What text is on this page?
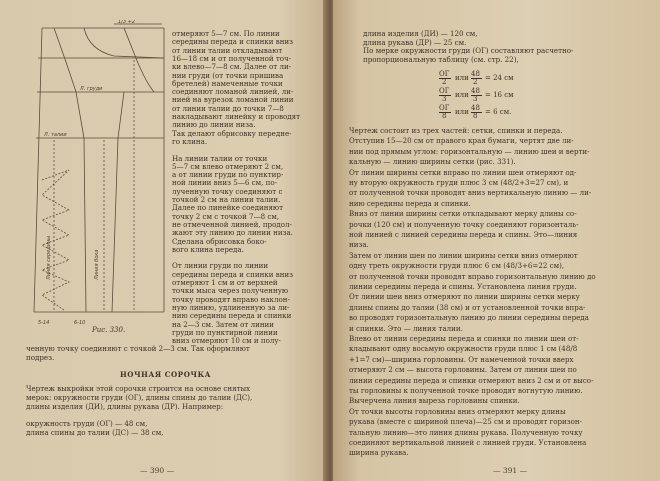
1/3 +2
Л. груди
Л. талии
5-14	6-10
Линия середины	Линия бока
Рис. 330.
отмеряют 5—7 см. По линии
середины переда и спинки вниз
от линии талии откладывают
16—18 см и от полученной точ-
ки влево—7—8 см. Далее от ли-
нии груди (от точки пришива
бретелей) намеченные точки
соединяют ломаной линией, ли-
нией на вурезок ломаной линии
от линии талии до точки 7—8
накладывают линейку и проводят
линию до линии низа.
Так делают обрисовку передне-
го клина.
На линии талии от точки
5—7 см влево отмеряют 2 см,
а от линии груди по пунктир-
ной линии вниз 5—6 см, по-
лученную точку соединяют с
точкой 2 см на линии талии.
Далее по линейке соединяют
точку 2 см с точкой 7—8 см,
не отмеченной линией, продол-
жают эту линию до линии низа.
Сделана обрисовка боко-
вого клина переда.
От линии груди по линии
середины переда и спинки вниз
отмеряют 1 см и от верхней
точки мыса через полученную
точку проводят вправо наклон-
ную линию, удлиненную за ли-
нию середины переда и спинки
на 2—3 см. Затем от линии
груди по пунктирной линии
вниз отмеряют 10 см и полу-
ченную точку соединяют с точкой 2—3 см. Так оформляют
подрез.
НОЧНАЯ СОРОЧКА
Чертеж выкройки этой сорочки строится на основе снятых
мерок: окружности груди (ОГ), длины спины до талии (ДС),
длины изделия (ДИ), длины рукава (ДР). Например:
окружность груди (ОГ) — 48 см,
длина спины до талии (ДС) — 38 см,
— 390 —
длина изделия (ДИ) — 120 см,
длина рукава (ДР) — 25 см.
По мерке окружности груди (ОГ) составляют расчетно-
пропорциональную таблицу (см. стр. 22),
ОГ
2 или 48
2 = 24 см
ОГ
3 или 48
3 = 16 см
ОГ
8 или 48
8 = 6 см.
Чертеж состоит из трех частей: сетки, спинки и переда.
Отступив 15—20 см от правого края бумаги, чертят две ли-
нии под прямым углом: горизонтальную — линию шеи и верти-
кальную — линию ширины сетки (рис. 331).
От линии ширины сетки вправо по линии шеи отмеряют од-
ну вторую окружность груди плюс 3 см (48/2+3=27 см), и
от полученной точки проводят вниз вертикальную линию — ли-
нию середины переда и спинки.
Вниз от линии ширины сетки откладывают мерку длины со-
рочки (120 см) и полученную точку соединяют горизонталь-
ной линией с линией середины переда и спины. Это—линия
низа.
Затем от линии шеи по линии ширины сетки вниз отмеряют
одну треть окружности груди плюс 6 см (48/3+6=22 см),
от полученной точки проводят вправо горизонтальную линию до
линии середины переда и спины. Установлена линия груди.
От линии шеи вниз отмеряют по линии ширины сетки мерку
длины спины до талии (38 см) и от установленной точки впра-
во проводят горизонтальную линию до линии середины переда
и спинки. Это — линия талии.
Влево от линии середины переда и спинки по линии шеи от-
кладывают одну восьмую окружности груди плюс 1 см (48/8
+1=7 см)—ширина горловины. От намеченной точки вверх
отмеряют 2 см — высота горловины. Затем от линии шеи по
линии середины переда и спинки отмеряют вниз 2 см и от высо-
ты горловины к полученной точке проводят вогнутую линию.
Вычерчена линия выреза горловины спинки.
От точки высоты горловины вниз отмеряют мерку длины
рукава (вместе с шириной плеча)—25 см и проводят горизон-
тальную линию—это линия длины рукава. Полученную точку
соединяют вертикальной линией с линией груди. Установлена
ширина рукава.
— 391 —
